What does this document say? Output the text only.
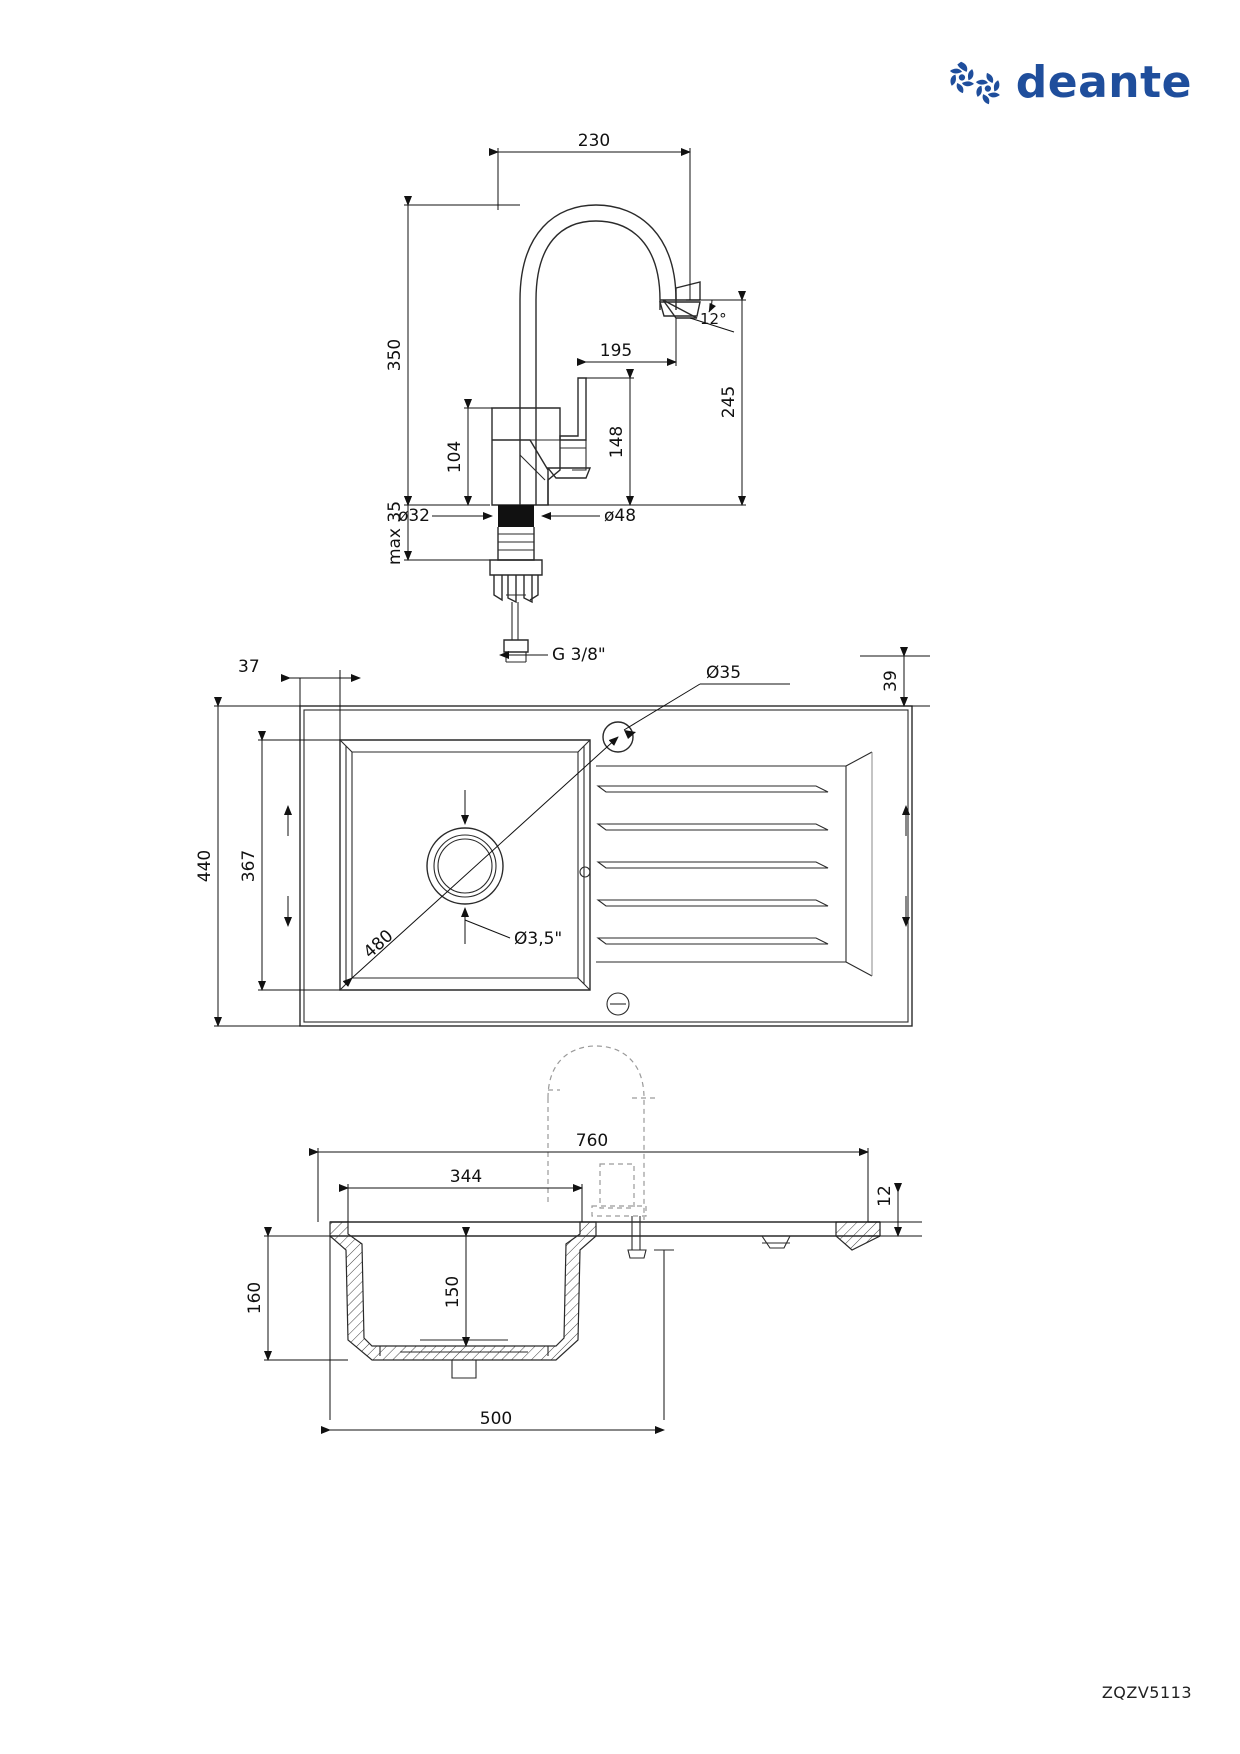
deante
230
350
max 35
104	148
245
195
12°
ø32	ø48
G 3/8"
37
39
440 367
Ø35
480	Ø3,5"
760
344
12
160	150
500
ZQZV5113
